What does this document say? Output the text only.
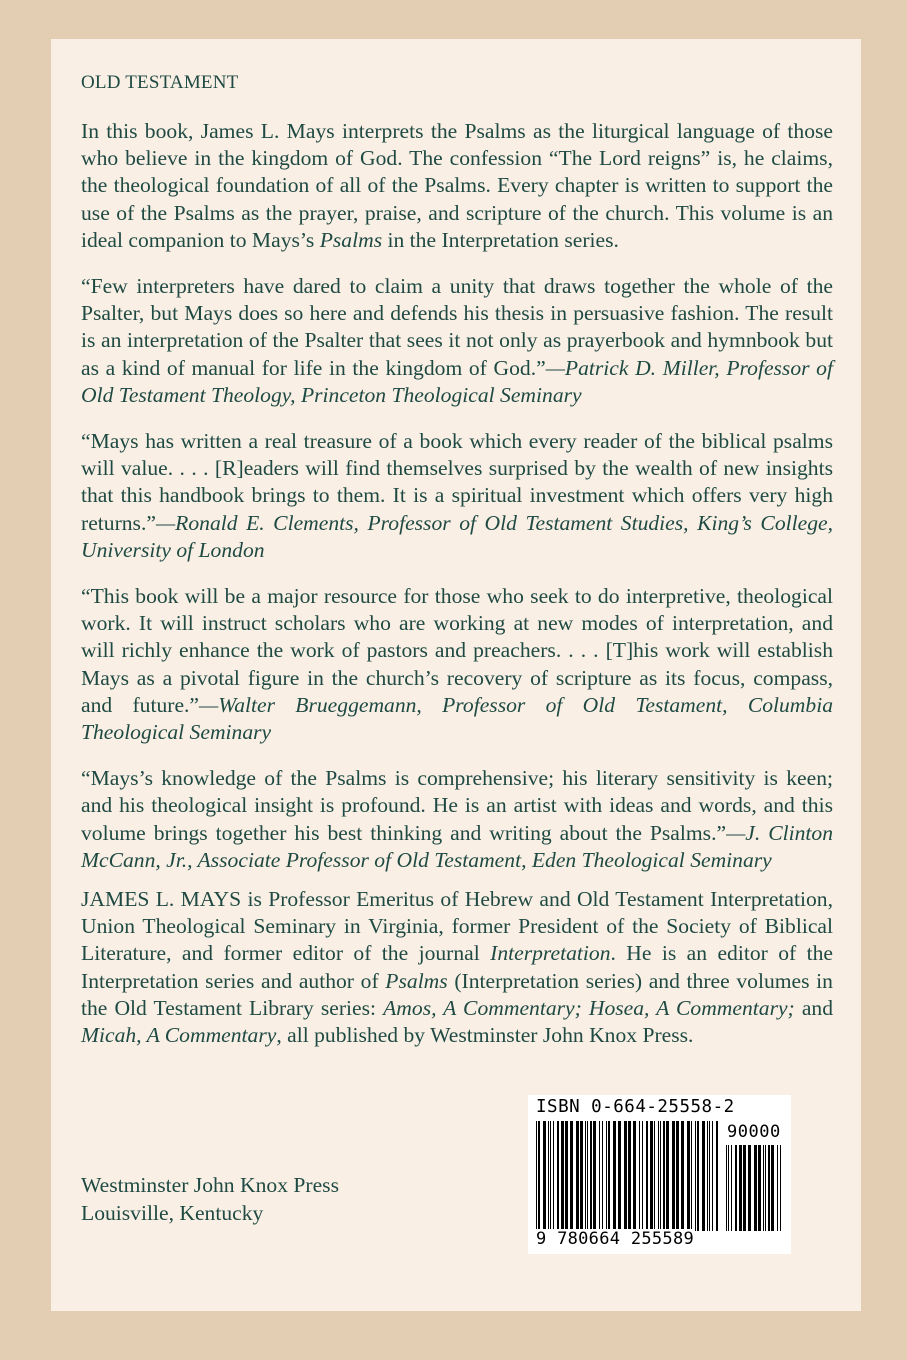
OLD TESTAMENT

In this book, James L. Mays interprets the Psalms as the liturgical language of those who believe in the kingdom of God. The confession “The Lord reigns” is, he claims, the theological foundation of all of the Psalms. Every chapter is written to support the use of the Psalms as the prayer, praise, and scripture of the church. This volume is an ideal companion to Mays’s Psalms in the Interpretation series.

“Few interpreters have dared to claim a unity that draws together the whole of the Psalter, but Mays does so here and defends his thesis in persuasive fashion. The result is an interpretation of the Psalter that sees it not only as prayerbook and hymnbook but as a kind of manual for life in the kingdom of God.”—Patrick D. Miller, Professor of Old Testament Theology, Princeton Theological Seminary

“Mays has written a real treasure of a book which every reader of the biblical psalms will value. . . . [R]eaders will find themselves surprised by the wealth of new insights that this handbook brings to them. It is a spiritual investment which offers very high returns.”—Ronald E. Clements, Professor of Old Testament Studies, King’s College, University of London

“This book will be a major resource for those who seek to do interpretive, theological work. It will instruct scholars who are working at new modes of interpretation, and will richly enhance the work of pastors and preachers. . . . [T]his work will establish Mays as a pivotal figure in the church’s recovery of scripture as its focus, compass, and future.”—Walter Brueggemann, Professor of Old Testament, Columbia Theological Seminary

“Mays’s knowledge of the Psalms is comprehensive; his literary sensitivity is keen; and his theological insight is profound. He is an artist with ideas and words, and this volume brings together his best thinking and writing about the Psalms.”—J. Clinton McCann, Jr., Associate Professor of Old Testament, Eden Theological Seminary

JAMES L. MAYS is Professor Emeritus of Hebrew and Old Testament Interpretation, Union Theological Seminary in Virginia, former President of the Society of Biblical Literature, and former editor of the journal Interpretation. He is an editor of the Interpretation series and author of Psalms (Interpretation series) and three volumes in the Old Testament Library series: Amos, A Commentary; Hosea, A Commentary; and Micah, A Commentary, all published by Westminster John Knox Press.

Westminster John Knox Press
Louisville, Kentucky
ISBN 0-664-25558-2
90000
9 780664 255589
